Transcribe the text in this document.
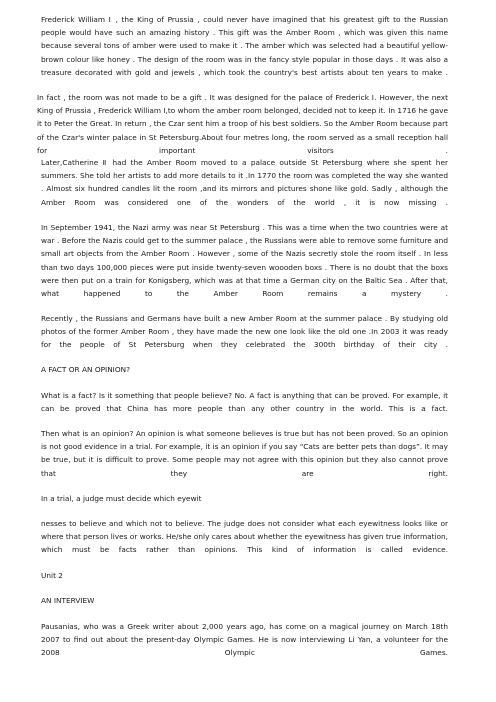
Frederick William Ⅰ , the King of Prussia , could never have imagined that his greatest gift to the Russian people would have such an amazing history . This gift was the Amber Room , which was given this name because several tons of amber were used to make it . The amber which was selected had a beautiful yellow-brown colour like honey . The design of the room was in the fancy style popular in those days . It was also a treasure decorated with gold and jewels , which took the country's best artists about ten years to make .

In fact , the room was not made to be a gift . It was designed for the palace of Frederick Ⅰ. However, the next King of Prussia , Frederick William Ⅰ,to whom the amber room belonged, decided not to keep it. In 1716 he gave it to Peter the Great. In return , the Czar sent him a troop of his best soldiers. So the Amber Room because part of the Czar's winter palace in St Petersburg.About four metres long, the room served as a small reception hall for important visitors .

Later,Catherine Ⅱ had the Amber Room moved to a palace outside St Petersburg where she spent her summers. She told her artists to add more details to it .In 1770 the room was completed the way she wanted . Almost six hundred candles lit the room ,and its mirrors and pictures shone like gold. Sadly , although the Amber Room was considered one of the wonders of the world , it is now missing .

In September 1941, the Nazi army was near St Petersburg . This was a time when the two countries were at war . Before the Nazis could get to the summer palace , the Russians were able to remove some furniture and small art objects from the Amber Room . However , some of the Nazis secretly stole the room itself . In less than two days 100,000 pieces were put inside twenty-seven woooden boxs . There is no doubt that the boxs were then put on a train for Konigsberg, which was at that time a German city on the Baltic Sea . After that, what happened to the Amber Room remains a mystery .

Recently , the Russians and Germans have built a new Amber Room at the summer palace . By studying old photos of the former Amber Room , they have made the new one look like the old one .In 2003 it was ready for the people of St Petersburg when they celebrated the 300th birthday of their city .

A FACT OR AN OPINION?

What is a fact? Is it something that people believe? No. A fact is anything that can be proved. For example, it can be proved that China has more people than any other country in the world. This is a fact.

Then what is an opinion? An opinion is what someone believes is true but has not been proved. So an opinion is not good evidence in a trial. For example, it is an opinion if you say “Cats are better pets than dogs”. It may be true, but it is difficult to prove. Some people may not agree with this opinion but they also cannot prove that they are right.

In a trial, a judge must decide which eyewit

nesses to believe and which not to believe. The judge does not consider what each eyewitness looks like or where that person lives or works. He/she only cares about whether the eyewitness has given true information, which must be facts rather than opinions. This kind of information is called evidence.

Unit 2

AN INTERVIEW

Pausanias, who was a Greek writer about 2,000 years ago, has come on a magical journey on March 18th 2007 to find out about the present-day Olympic Games. He is now interviewing Li Yan, a volunteer for the 2008 Olympic Games.
